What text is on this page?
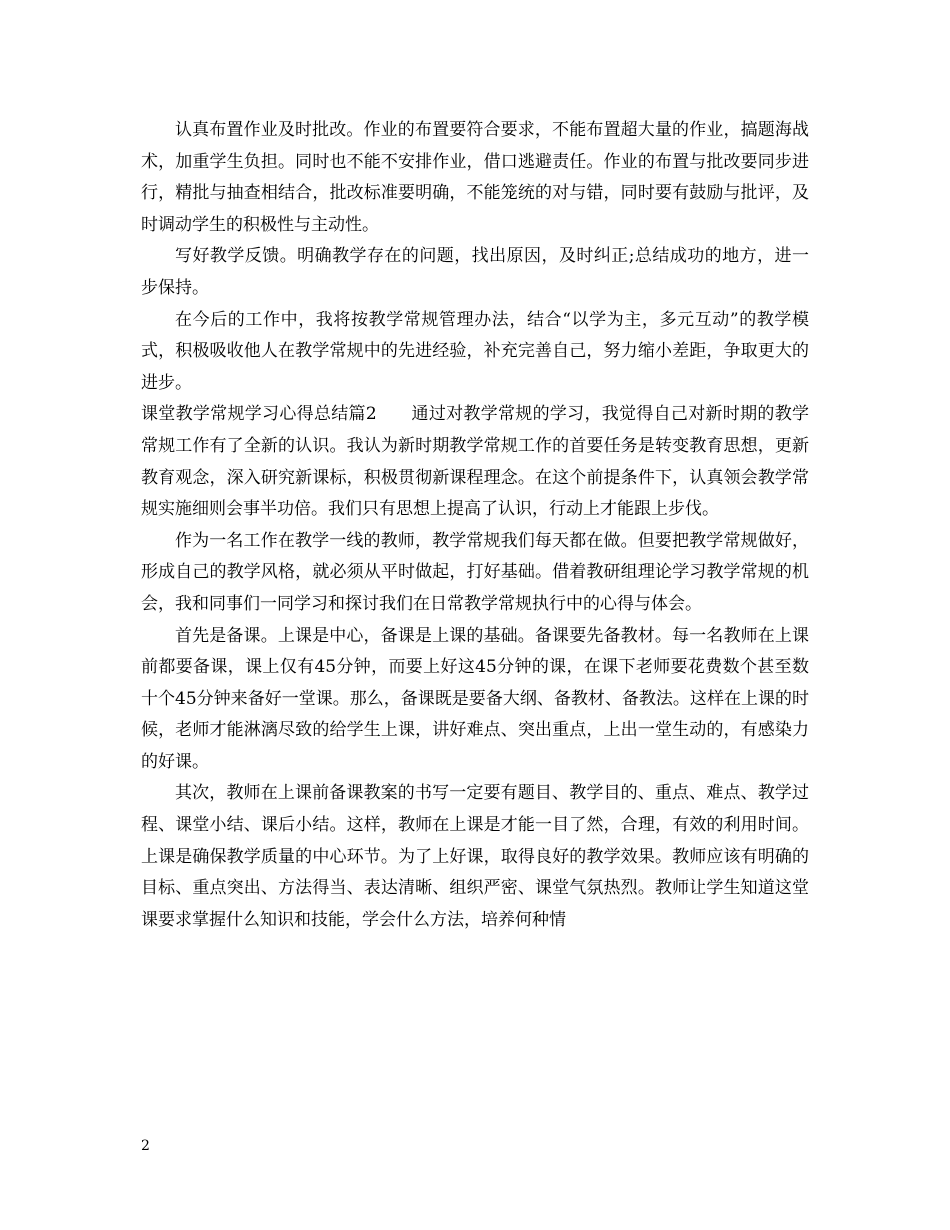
认真布置作业及时批改。作业的布置要符合要求，不能布置超大量的作业，搞题海战术，加重学生负担。同时也不能不安排作业，借口逃避责任。作业的布置与批改要同步进行，精批与抽查相结合，批改标准要明确，不能笼统的对与错，同时要有鼓励与批评，及时调动学生的积极性与主动性。

写好教学反馈。明确教学存在的问题，找出原因，及时纠正;总结成功的地方，进一步保持。

在今后的工作中，我将按教学常规管理办法，结合“以学为主，多元互动”的教学模式，积极吸收他人在教学常规中的先进经验，补充完善自己，努力缩小差距，争取更大的进步。

课堂教学常规学习心得总结篇2　　通过对教学常规的学习，我觉得自己对新时期的教学常规工作有了全新的认识。我认为新时期教学常规工作的首要任务是转变教育思想，更新教育观念，深入研究新课标，积极贯彻新课程理念。在这个前提条件下，认真领会教学常规实施细则会事半功倍。我们只有思想上提高了认识，行动上才能跟上步伐。

作为一名工作在教学一线的教师，教学常规我们每天都在做。但要把教学常规做好，形成自己的教学风格，就必须从平时做起，打好基础。借着教研组理论学习教学常规的机会，我和同事们一同学习和探讨我们在日常教学常规执行中的心得与体会。

首先是备课。上课是中心，备课是上课的基础。备课要先备教材。每一名教师在上课前都要备课，课上仅有45分钟，而要上好这45分钟的课，在课下老师要花费数个甚至数十个45分钟来备好一堂课。那么，备课既是要备大纲、备教材、备教法。这样在上课的时候，老师才能淋漓尽致的给学生上课，讲好难点、突出重点，上出一堂生动的，有感染力的好课。

其次，教师在上课前备课教案的书写一定要有题目、教学目的、重点、难点、教学过程、课堂小结、课后小结。这样，教师在上课是才能一目了然，合理，有效的利用时间。上课是确保教学质量的中心环节。为了上好课，取得良好的教学效果。教师应该有明确的目标、重点突出、方法得当、表达清晰、组织严密、课堂气氛热烈。教师让学生知道这堂课要求掌握什么知识和技能，学会什么方法，培养何种情

2
